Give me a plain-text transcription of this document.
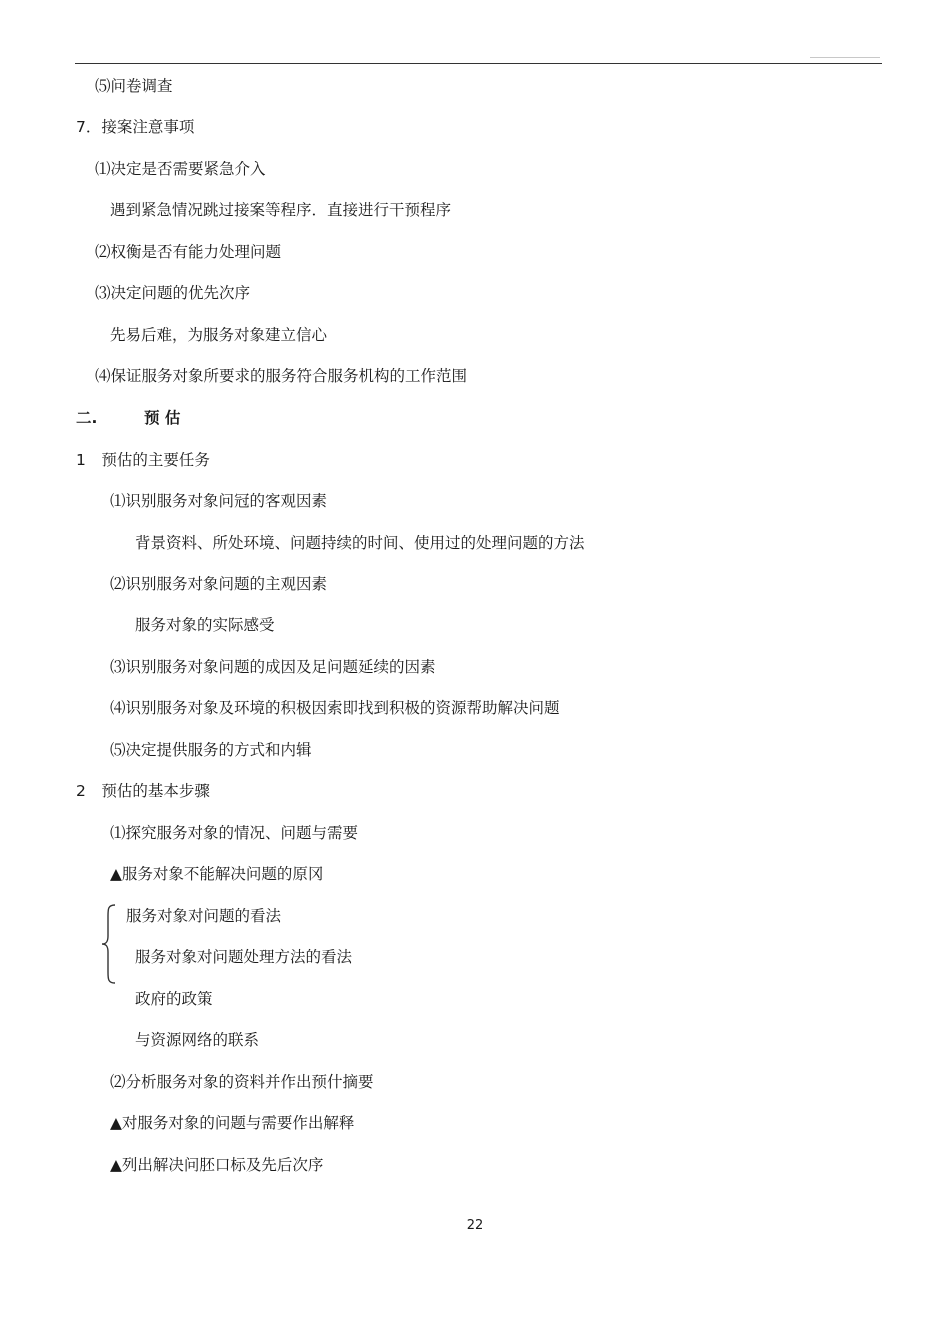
⑸问卷调查
7．接案注意事项
⑴决定是否需要紧急介入
遇到紧急情况跳过接案等程序．直接进行干预程序
⑵权衡是否有能力处理问题
⑶决定问题的优先次序
先易后难，为服务对象建立信心
⑷保证服务对象所要求的服务符合服务机构的工作范围
二.	预 估
1　预估的主要任务
⑴识别服务对象问冠的客观因素
背景资料、所处环境、问题持续的时间、使用过的处理问题的方法
⑵识别服务对象问题的主观因素
服务对象的实际感受
⑶识别服务对象问题的成因及足问题延续的因素
⑷识别服务对象及环境的积极因索即找到积极的资源帮助解决问题
⑸决定提供服务的方式和内辑
2　预估的基本步骤
⑴探究服务对象的情况、问题与需要
▲服务对象不能解决问题的原冈
服务对象对问题的看法
服务对象对问题处理方法的看法
政府的政策
与资源网络的联系
⑵分析服务对象的资料并作出预什摘要
▲对服务对象的问题与需要作出解释
▲列出解决问胚口标及先后次序
22
